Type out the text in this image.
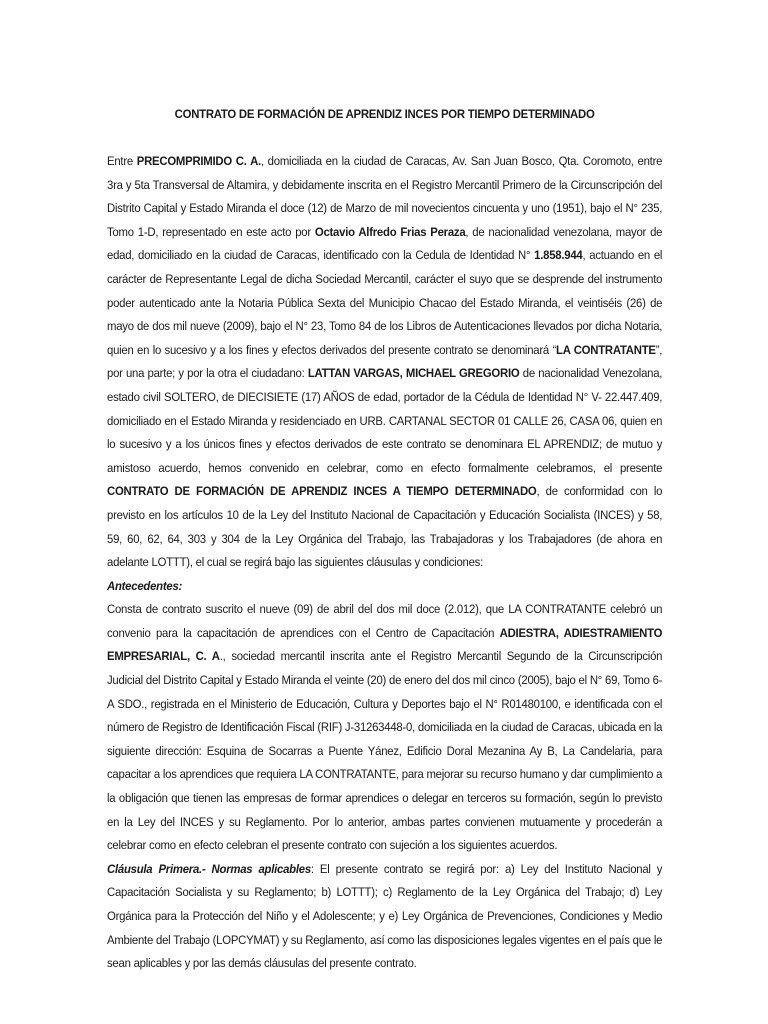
CONTRATO DE FORMACIÓN DE APRENDIZ INCES POR TIEMPO DETERMINADO

Entre PRECOMPRIMIDO C. A., domiciliada en la ciudad de Caracas, Av. San Juan Bosco, Qta. Coromoto, entre 3ra y 5ta Transversal de Altamira, y debidamente inscrita en el Registro Mercantil Primero de la Circunscripción del Distrito Capital y Estado Miranda el doce (12) de Marzo de mil novecientos cincuenta y uno (1951), bajo el N° 235, Tomo 1-D, representado en este acto por Octavio Alfredo Frias Peraza, de nacionalidad venezolana, mayor de edad, domiciliado en la ciudad de Caracas, identificado con la Cedula de Identidad N° 1.858.944, actuando en el carácter de Representante Legal de dicha Sociedad Mercantil, carácter el suyo que se desprende del instrumento poder autenticado ante la Notaria Pública Sexta del Municipio Chacao del Estado Miranda, el veintiséis (26) de mayo de dos mil nueve (2009), bajo el N° 23, Tomo 84 de los Libros de Autenticaciones llevados por dicha Notaria, quien en lo sucesivo y a los fines y efectos derivados del presente contrato se denominará “LA CONTRATANTE”, por una parte; y por la otra el ciudadano: LATTAN VARGAS, MICHAEL GREGORIO de nacionalidad Venezolana, estado civil SOLTERO, de DIECISIETE (17) AÑOS de edad, portador de la Cédula de Identidad N° V- 22.447.409, domiciliado en el Estado Miranda y residenciado en URB. CARTANAL SECTOR 01 CALLE 26, CASA 06, quien en lo sucesivo y a los únicos fines y efectos derivados de este contrato se denominara EL APRENDIZ; de mutuo y amistoso acuerdo, hemos convenido en celebrar, como en efecto formalmente celebramos, el presente CONTRATO DE FORMACIÓN DE APRENDIZ INCES A TIEMPO DETERMINADO, de conformidad con lo previsto en los artículos 10 de la Ley del Instituto Nacional de Capacitación y Educación Socialista (INCES) y 58, 59, 60, 62, 64, 303 y 304 de la Ley Orgánica del Trabajo, las Trabajadoras y los Trabajadores (de ahora en adelante LOTTT), el cual se regirá bajo las siguientes cláusulas y condiciones:

Antecedentes:

Consta de contrato suscrito el nueve (09) de abril del dos mil doce (2.012), que LA CONTRATANTE celebró un convenio para la capacitación de aprendices con el Centro de Capacitación ADIESTRA, ADIESTRAMIENTO EMPRESARIAL, C. A., sociedad mercantil inscrita ante el Registro Mercantil Segundo de la Circunscripción Judicial del Distrito Capital y Estado Miranda el veinte (20) de enero del dos mil cinco (2005), bajo el N° 69, Tomo 6-A SDO., registrada en el Ministerio de Educación, Cultura y Deportes bajo el N° R01480100, e identificada con el número de Registro de Identificación Fiscal (RIF) J-31263448-0, domiciliada en la ciudad de Caracas, ubicada en la siguiente dirección: Esquina de Socarras a Puente Yánez, Edificio Doral Mezanina Ay B, La Candelaria, para capacitar a los aprendices que requiera LA CONTRATANTE, para mejorar su recurso humano y dar cumplimiento a la obligación que tienen las empresas de formar aprendices o delegar en terceros su formación, según lo previsto en la Ley del INCES y su Reglamento. Por lo anterior, ambas partes convienen mutuamente y procederán a celebrar como en efecto celebran el presente contrato con sujeción a los siguientes acuerdos.

Cláusula Primera.- Normas aplicables: El presente contrato se regirá por: a) Ley del Instituto Nacional y Capacitación Socialista y su Reglamento; b) LOTTT); c) Reglamento de la Ley Orgánica del Trabajo; d) Ley Orgánica para la Protección del Niño y el Adolescente; y e) Ley Orgánica de Prevenciones, Condiciones y Medio Ambiente del Trabajo (LOPCYMAT) y su Reglamento, así como las disposiciones legales vigentes en el país que le sean aplicables y por las demás cláusulas del presente contrato.
